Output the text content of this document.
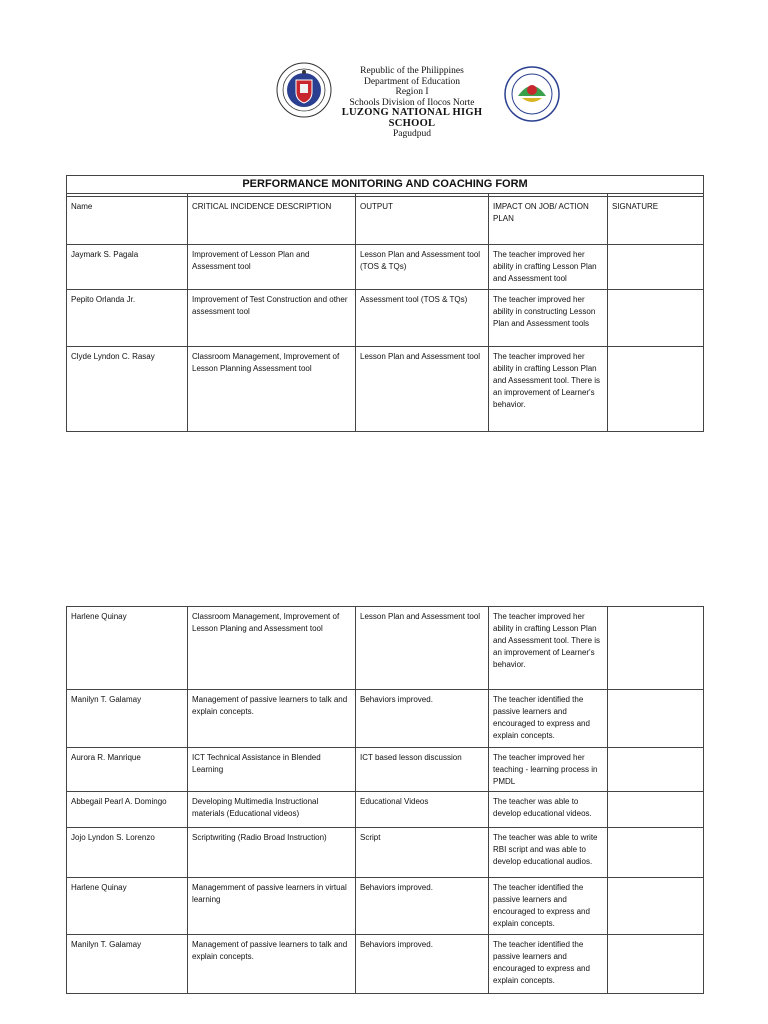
Republic of the Philippines
Department of Education
Region I
Schools Division of Ilocos Norte
LUZONG NATIONAL HIGH SCHOOL
Pagudpud
PERFORMANCE MONITORING AND COACHING FORM				

Name	CRITICAL INCIDENCE DESCRIPTION	OUTPUT	IMPACT ON JOB/ ACTION PLAN	SIGNATURE
Jaymark S. Pagala	Improvement of Lesson Plan and Assessment tool	Lesson Plan and Assessment tool (TOS & TQs)	The teacher improved her ability in crafting Lesson Plan and Assessment tool	
Pepito Orlanda Jr.	Improvement of Test Construction and other assessment tool	Assessment tool (TOS & TQs)	The teacher improved her ability in constructing Lesson Plan and Assessment tools	
Clyde Lyndon C. Rasay	Classroom Management, Improvement of Lesson Planning Assessment tool	Lesson Plan and Assessment tool	The teacher improved her ability in crafting Lesson Plan and Assessment tool. There is an improvement of Learner's behavior.	
Harlene Quinay	Classroom Management, Improvement of Lesson Planing and Assessment tool	Lesson Plan and Assessment tool	The teacher improved her ability in crafting Lesson Plan and Assessment tool. There is an improvement of Learner's behavior.	
Manilyn T. Galamay	Management of passive learners to talk and explain concepts.	Behaviors improved.	The teacher identified the passive learners and encouraged to express and explain concepts.	
Aurora R. Manrique	ICT Technical Assistance in Blended Learning	ICT based lesson discussion	The teacher improved her teaching - learning process in PMDL	
Abbegail Pearl A. Domingo	Developing Multimedia Instructional materials (Educational videos)	Educational Videos	The teacher was able to develop educational videos.	
Jojo Lyndon S. Lorenzo	Scriptwriting (Radio Broad Instruction)	Script	The teacher was able to write RBI script and was able to develop educational audios.	
Harlene Quinay	Managemment of passive learners in virtual learning	Behaviors improved.	The teacher identified the passive learners and encouraged to express and explain concepts.	
Manilyn T. Galamay	Management of passive learners to talk and explain concepts.	Behaviors improved.	The teacher identified the passive learners and encouraged to express and explain concepts.	
